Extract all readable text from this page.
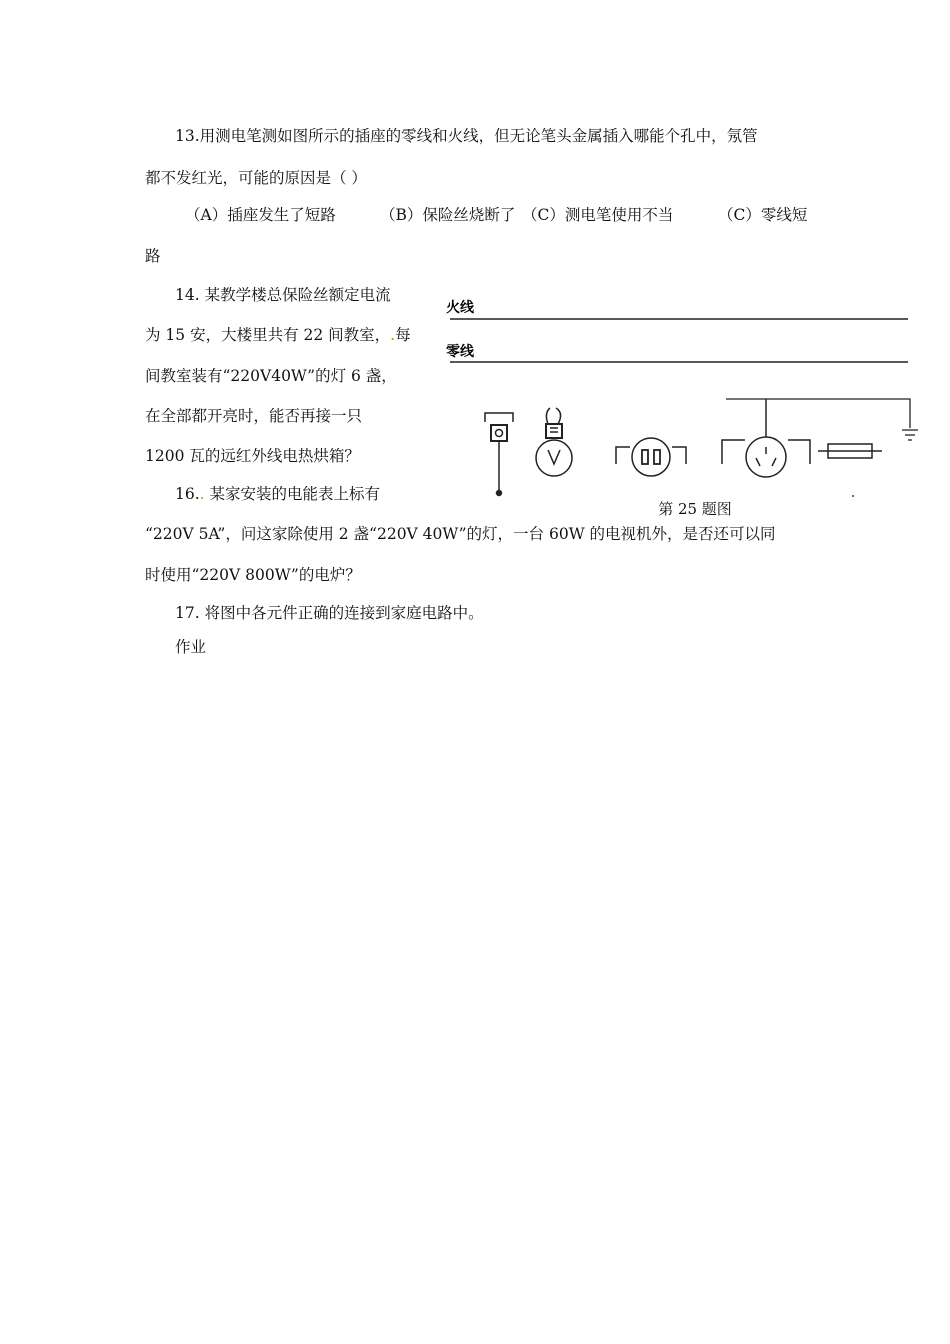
13.用测电笔测如图所示的插座的零线和火线，但无论笔头金属插入哪能个孔中，氖管
都不发红光，可能的原因是（ ）
（A）插座发生了短路	（B）保险丝烧断了 （C）测电笔使用不当	（C）零线短
路
14. 某教学楼总保险丝额定电流
为 15 安，大楼里共有 22 间教室，.每
间教室装有“220V40W”的灯 6 盏，
在全部都开亮时，能否再接一只
1200 瓦的远红外线电热烘箱？
16.. 某家安装的电能表上标有
“220V 5A”，问这家除使用 2 盏“220V 40W”的灯，一台 60W 的电视机外，是否还可以同
时使用“220V 800W”的电炉？
17. 将图中各元件正确的连接到家庭电路中。
作业
火线
零线
第 25 题图
